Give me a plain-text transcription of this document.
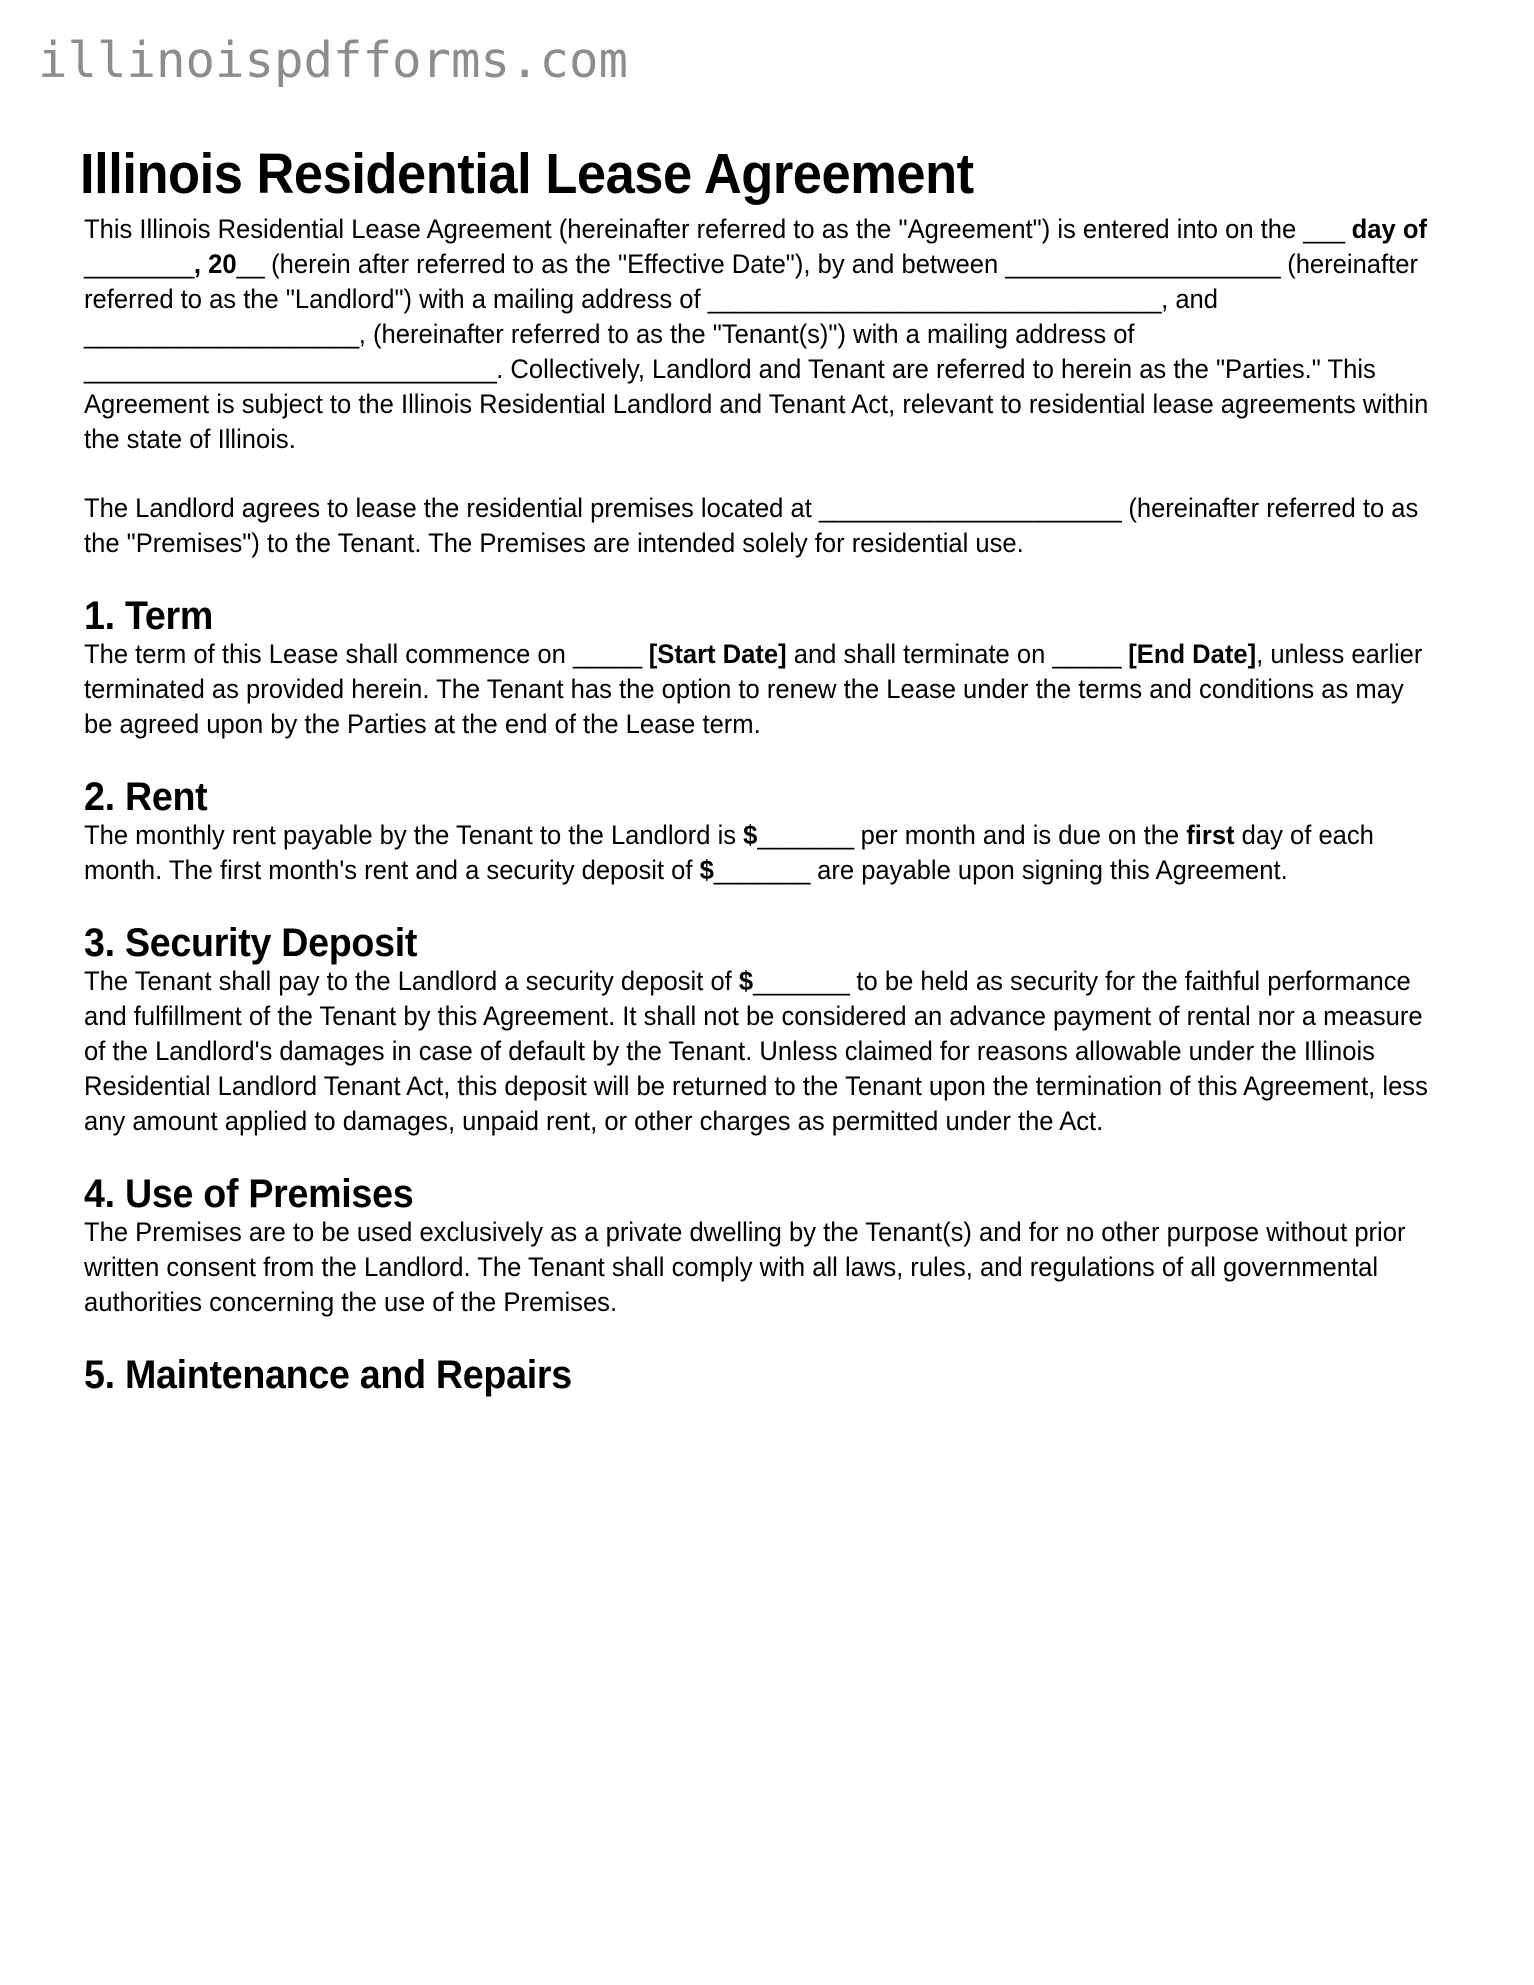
illinoispdfforms.com
Illinois Residential Lease Agreement

This Illinois Residential Lease Agreement (hereinafter referred to as the "Agreement") is entered into on the ___ day of ________, 20__ (herein after referred to as the "Effective Date"), by and between ____________________ (hereinafter referred to as the "Landlord") with a mailing address of _________________________________, and ____________________, (hereinafter referred to as the "Tenant(s)") with a mailing address of ______________________________. Collectively, Landlord and Tenant are referred to herein as the "Parties." This Agreement is subject to the Illinois Residential Landlord and Tenant Act, relevant to residential lease agreements within the state of Illinois.

The Landlord agrees to lease the residential premises located at ______________________ (hereinafter referred to as the "Premises") to the Tenant. The Premises are intended solely for residential use.

1. Term

The term of this Lease shall commence on _____ [Start Date] and shall terminate on _____ [End Date], unless earlier terminated as provided herein. The Tenant has the option to renew the Lease under the terms and conditions as may be agreed upon by the Parties at the end of the Lease term.

2. Rent

The monthly rent payable by the Tenant to the Landlord is $_______ per month and is due on the first day of each month. The first month's rent and a security deposit of $_______ are payable upon signing this Agreement.

3. Security Deposit

The Tenant shall pay to the Landlord a security deposit of $_______ to be held as security for the faithful performance and fulfillment of the Tenant by this Agreement. It shall not be considered an advance payment of rental nor a measure of the Landlord's damages in case of default by the Tenant. Unless claimed for reasons allowable under the Illinois Residential Landlord Tenant Act, this deposit will be returned to the Tenant upon the termination of this Agreement, less any amount applied to damages, unpaid rent, or other charges as permitted under the Act.

4. Use of Premises

The Premises are to be used exclusively as a private dwelling by the Tenant(s) and for no other purpose without prior written consent from the Landlord. The Tenant shall comply with all laws, rules, and regulations of all governmental authorities concerning the use of the Premises.

5. Maintenance and Repairs
